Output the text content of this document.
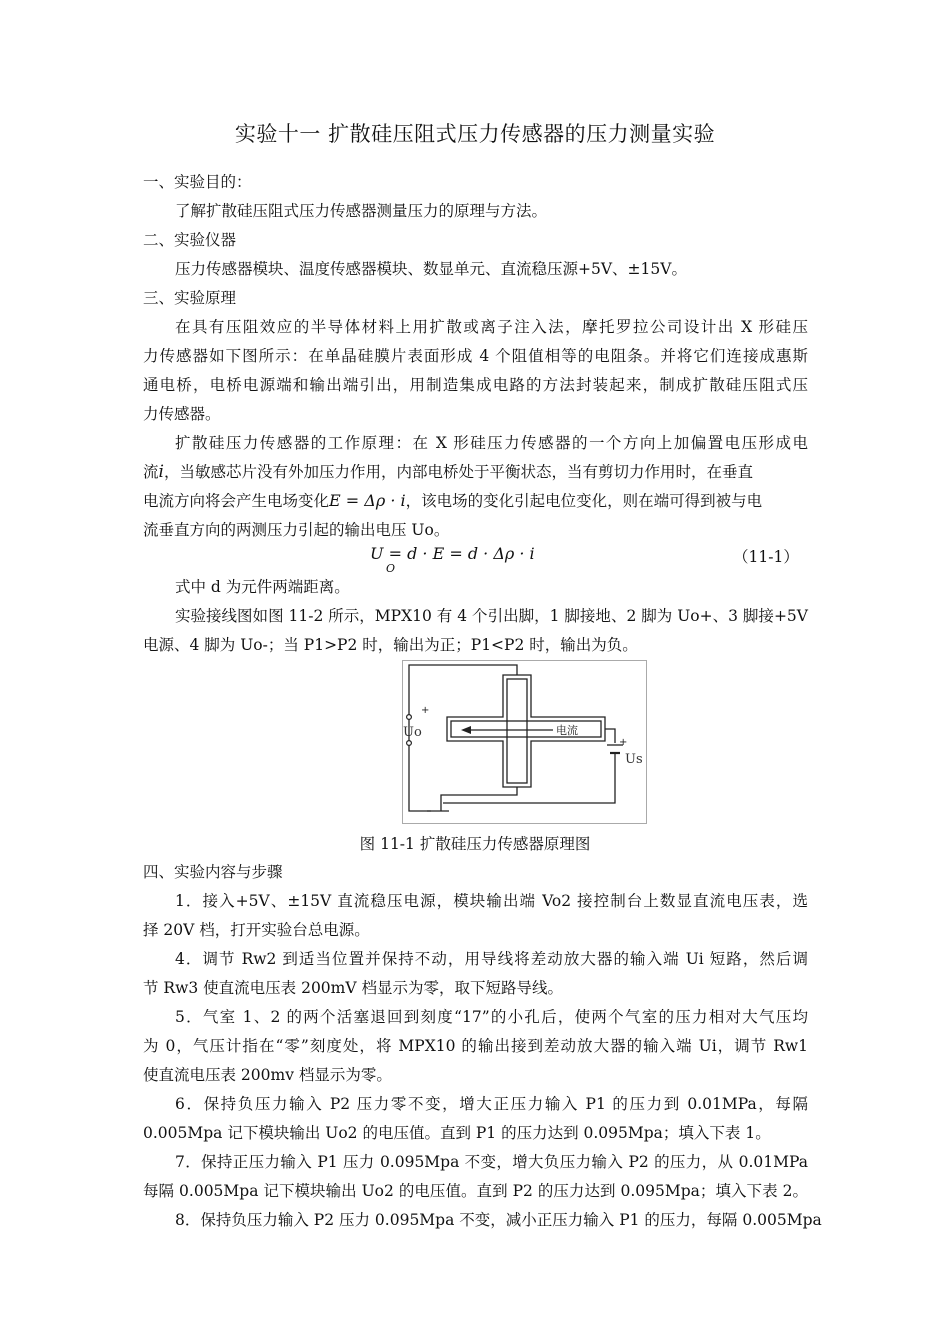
实验十一 扩散硅压阻式压力传感器的压力测量实验
一、实验目的：
了解扩散硅压阻式压力传感器测量压力的原理与方法。
二、实验仪器
压力传感器模块、温度传感器模块、数显单元、直流稳压源+5V、±15V。
三、实验原理
在具有压阻效应的半导体材料上用扩散或离子注入法，摩托罗拉公司设计出 X 形硅压
力传感器如下图所示：在单晶硅膜片表面形成 4 个阻值相等的电阻条。并将它们连接成惠斯
通电桥，电桥电源端和输出端引出，用制造集成电路的方法封装起来，制成扩散硅压阻式压
力传感器。
扩散硅压力传感器的工作原理：在 X 形硅压力传感器的一个方向上加偏置电压形成电
流i，当敏感芯片没有外加压力作用，内部电桥处于平衡状态，当有剪切力作用时，在垂直
电流方向将会产生电场变化E = Δρ · i，该电场的变化引起电位变化，则在端可得到被与电
流垂直方向的两测压力引起的输出电压 Uo。
U = d · E = d · Δρ · i
O
（11-1）
式中 d 为元件两端距离。
实验接线图如图 11-2 所示，MPX10 有 4 个引出脚，1 脚接地、2 脚为 Uo+、3 脚接+5V
电源、4 脚为 Uo-；当 P1>P2 时，输出为正；P1<P2 时，输出为负。
+
Uo	电流
+
Us
图 11-1 扩散硅压力传感器原理图
四、实验内容与步骤
1．接入+5V、±15V 直流稳压电源，模块输出端 Vo2 接控制台上数显直流电压表，选
择 20V 档，打开实验台总电源。
4．调节 Rw2 到适当位置并保持不动，用导线将差动放大器的输入端 Ui 短路，然后调
节 Rw3 使直流电压表 200mV 档显示为零，取下短路导线。
5．气室 1、2 的两个活塞退回到刻度“17”的小孔后，使两个气室的压力相对大气压均
为 0，气压计指在“零”刻度处，将 MPX10 的输出接到差动放大器的输入端 Ui，调节 Rw1
使直流电压表 200mv 档显示为零。
6．保持负压力输入 P2 压力零不变，增大正压力输入 P1 的压力到 0.01MPa，每隔
0.005Mpa 记下模块输出 Uo2 的电压值。直到 P1 的压力达到 0.095Mpa；填入下表 1。
7．保持正压力输入 P1 压力 0.095Mpa 不变，增大负压力输入 P2 的压力，从 0.01MPa
每隔 0.005Mpa 记下模块输出 Uo2 的电压值。直到 P2 的压力达到 0.095Mpa；填入下表 2。
8．保持负压力输入 P2 压力 0.095Mpa 不变，减小正压力输入 P1 的压力，每隔 0.005Mpa
